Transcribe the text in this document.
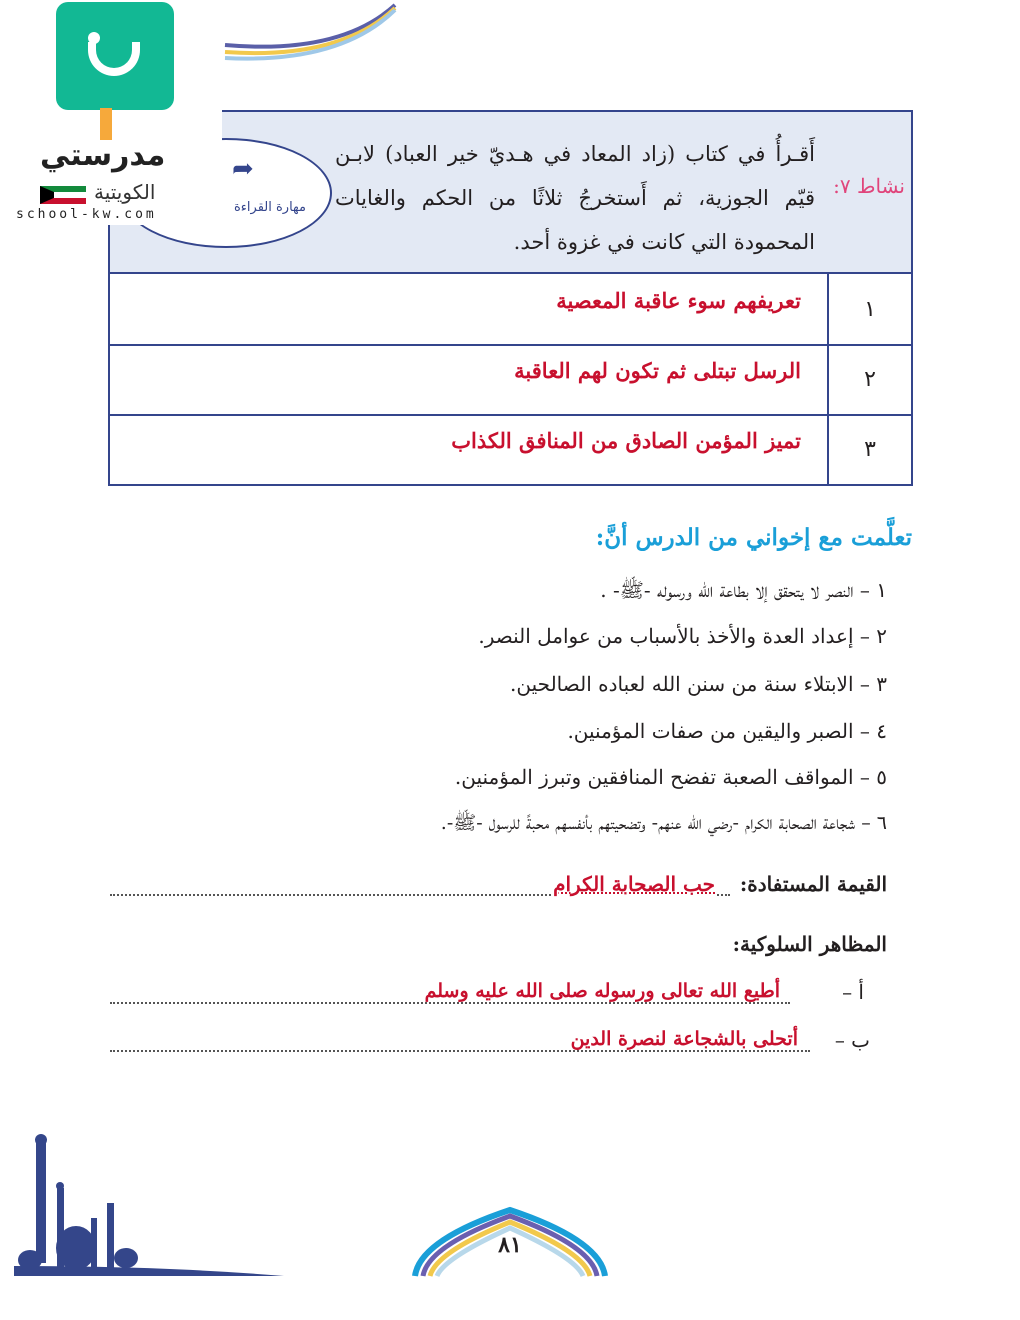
نشاط ٧:
أَقـرأُ في كتاب (زاد المعاد في هـديّ خير العباد) لابـن قيّم الجوزية، ثم أَستخرجُ ثلاثًا من الحكم والغايات المحمودة التي كانت في غزوة أحد.
مهارة القراءة
➦
١
تعريفهم سوء عاقبة المعصية
٢
الرسل تبتلى ثم تكون لهم العاقبة
٣
تميز المؤمن الصادق من المنافق الكذاب
مدرستي
الكويتية
school-kw.com
تعلَّمت مع إخواني من الدرس أنَّ:
١ – النصر لا يتحقق إلا بطاعة الله ورسوله -ﷺ- .
٢ – إعداد العدة والأخذ بالأسباب من عوامل النصر.
٣ – الابتلاء سنة من سنن الله لعباده الصالحين.
٤ – الصبر واليقين من صفات المؤمنين.
٥ – المواقف الصعبة تفضح المنافقين وتبرز المؤمنين.
٦ – شجاعة الصحابة الكرام -رضي الله عنهم- وتضحيتهم بأنفسهم محبةً للرسول -ﷺ-.
القيمة المستفادة:
حب الصحابة الكرام
المظاهر السلوكية:
أ –
أطيع الله تعالى ورسوله صلى الله عليه وسلم
ب –
أتحلى بالشجاعة لنصرة الدين
٨١
